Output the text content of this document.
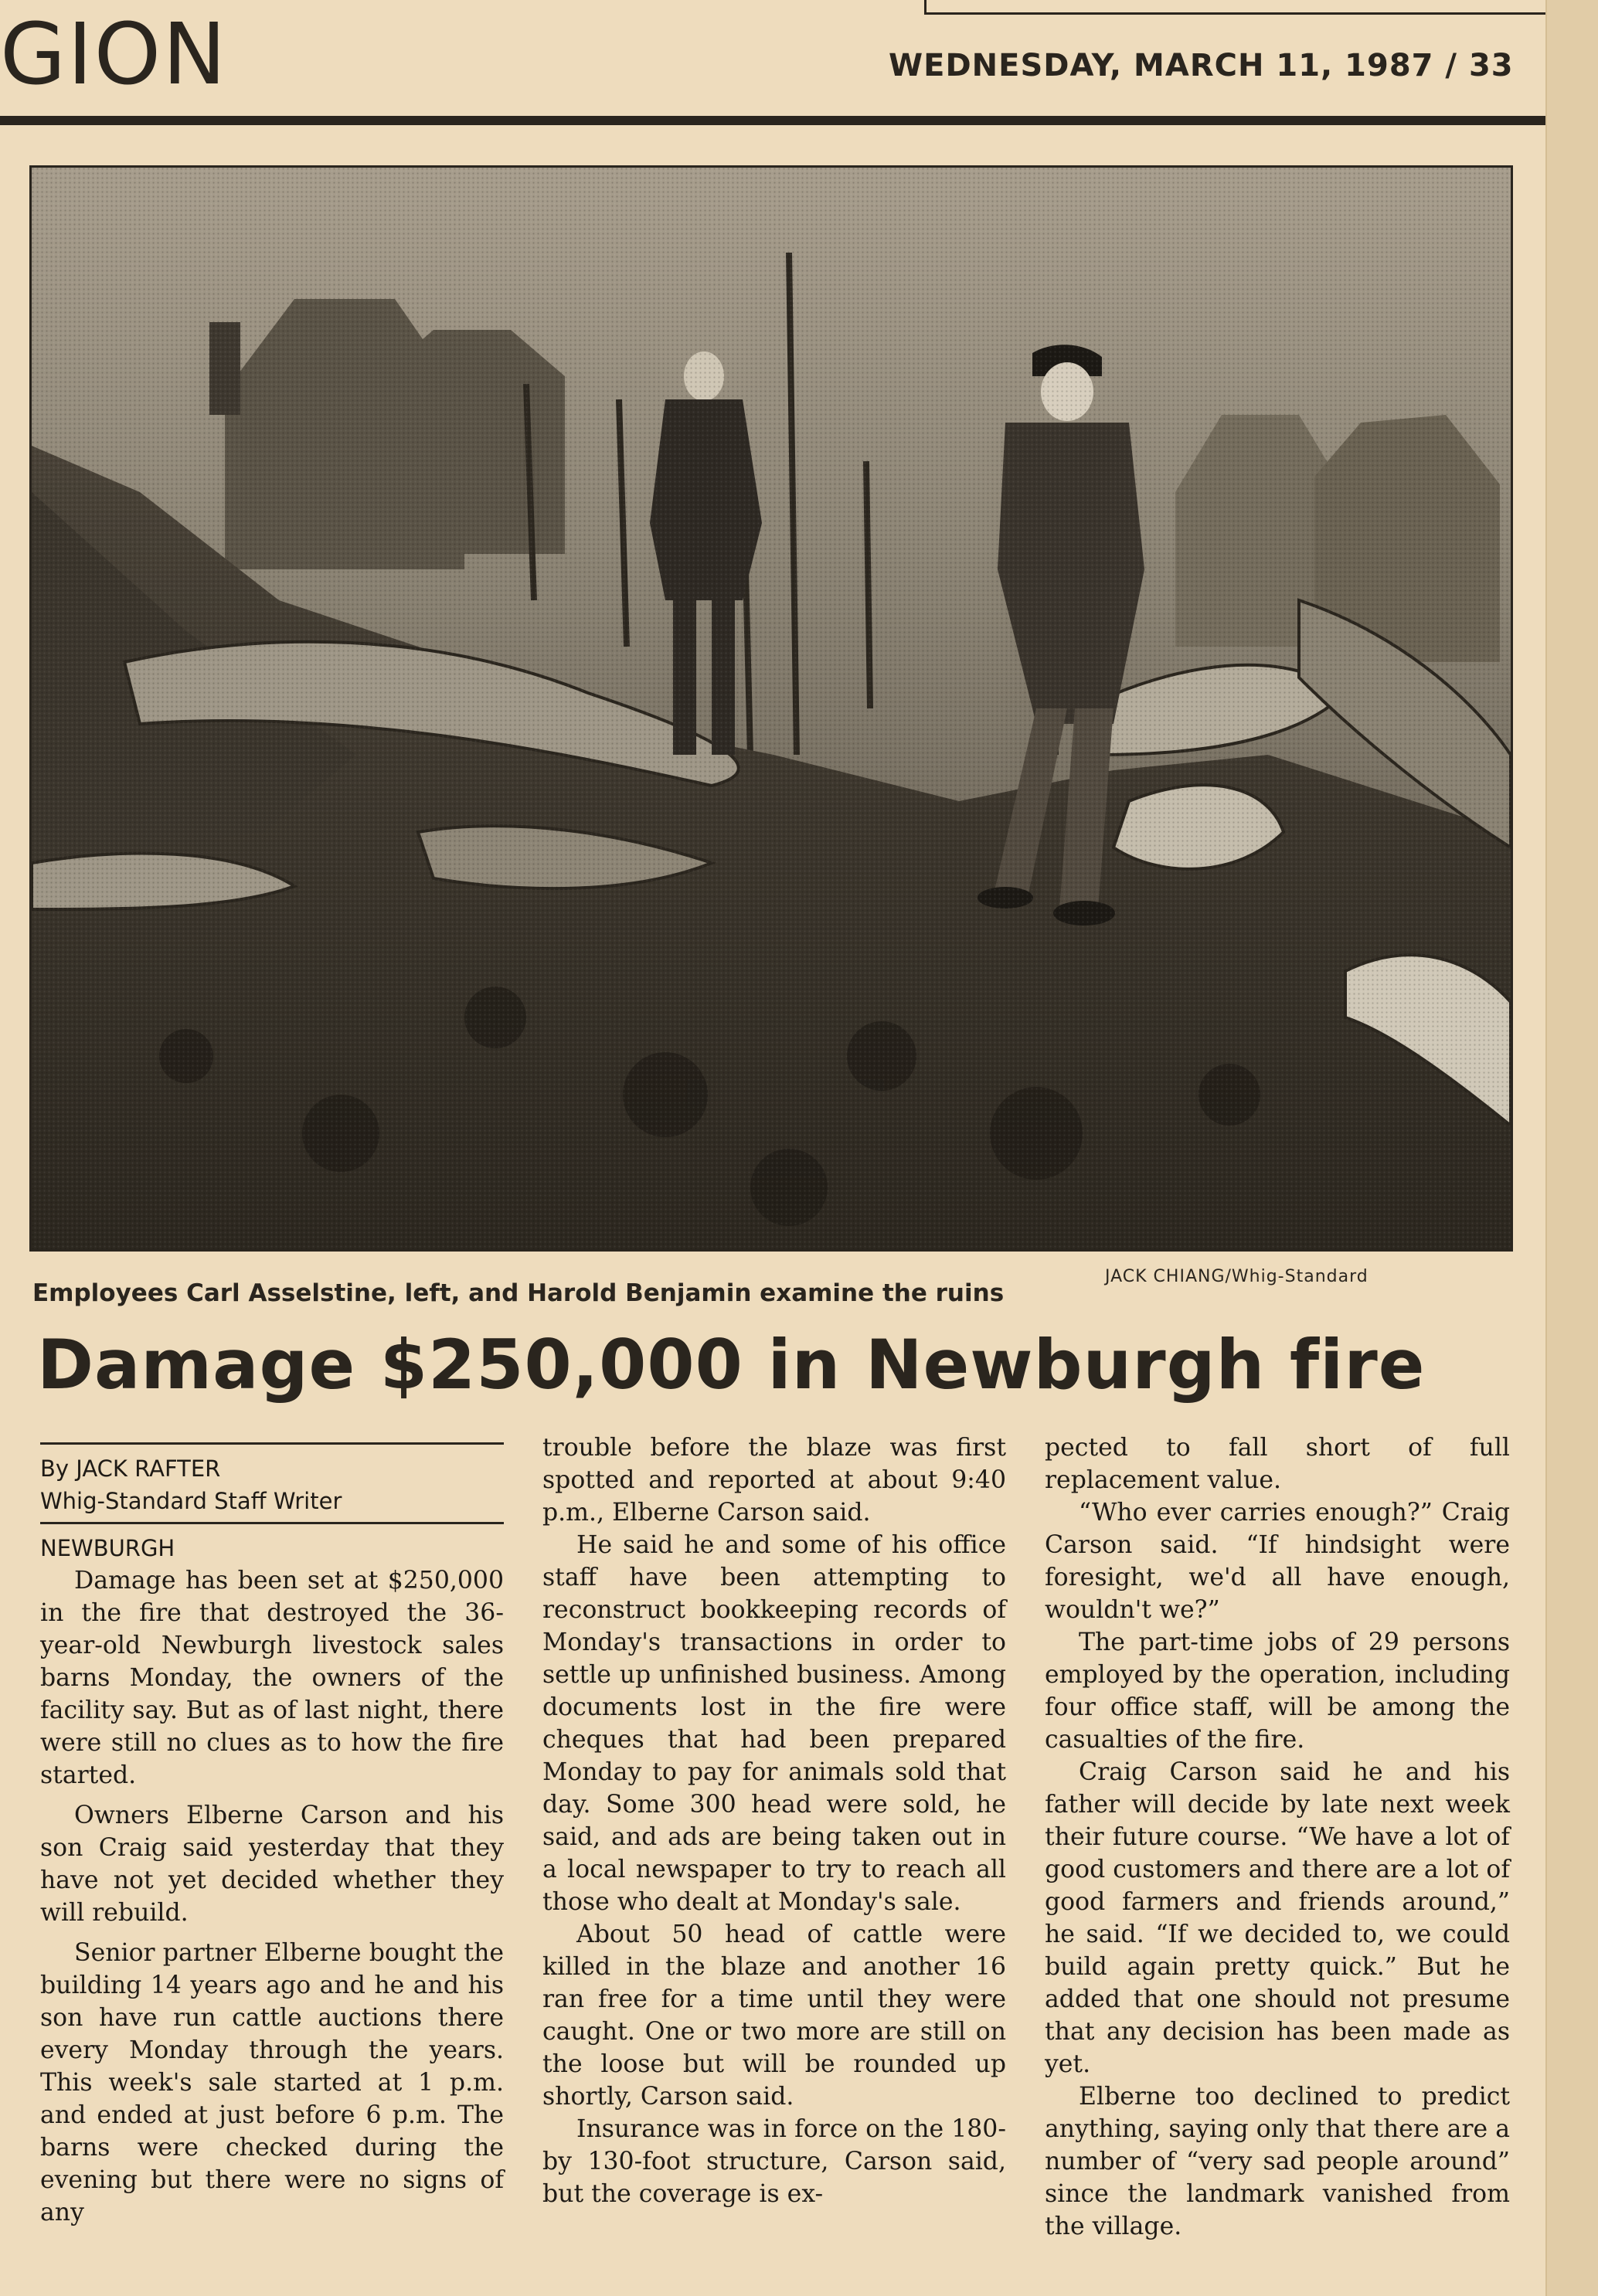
GION	WEDNESDAY, MARCH 11, 1987 / 33
JACK CHIANG/Whig-Standard
Employees Carl Asselstine, left, and Harold Benjamin examine the ruins
Damage $250,000 in Newburgh fire
By JACK RAFTER
Whig-Standard Staff Writer
NEWBURGH

Damage has been set at $250,000 in the fire that destroyed the 36-year-old Newburgh livestock sales barns Monday, the owners of the facility say. But as of last night, there were still no clues as to how the fire started.

Owners Elberne Carson and his son Craig said yesterday that they have not yet decided whether they will rebuild.

Senior partner Elberne bought the building 14 years ago and he and his son have run cattle auctions there every Monday through the years. This week's sale started at 1 p.m. and ended at just before 6 p.m. The barns were checked during the evening but there were no signs of any

trouble before the blaze was first spotted and reported at about 9:40 p.m., Elberne Carson said.

He said he and some of his office staff have been attempting to reconstruct bookkeeping records of Monday's transactions in order to settle up unfinished business. Among documents lost in the fire were cheques that had been prepared Monday to pay for animals sold that day. Some 300 head were sold, he said, and ads are being taken out in a local newspaper to try to reach all those who dealt at Monday's sale.

About 50 head of cattle were killed in the blaze and another 16 ran free for a time until they were caught. One or two more are still on the loose but will be rounded up shortly, Carson said.

Insurance was in force on the 180- by 130-foot structure, Carson said, but the coverage is ex-

pected to fall short of full replacement value.

“Who ever carries enough?” Craig Carson said. “If hindsight were foresight, we'd all have enough, wouldn't we?”

The part-time jobs of 29 persons employed by the operation, including four office staff, will be among the casualties of the fire.

Craig Carson said he and his father will decide by late next week their future course. “We have a lot of good customers and there are a lot of good farmers and friends around,” he said. “If we decided to, we could build again pretty quick.” But he added that one should not presume that any decision has been made as yet.

Elberne too declined to predict anything, saying only that there are a number of “very sad people around” since the landmark vanished from the village.
